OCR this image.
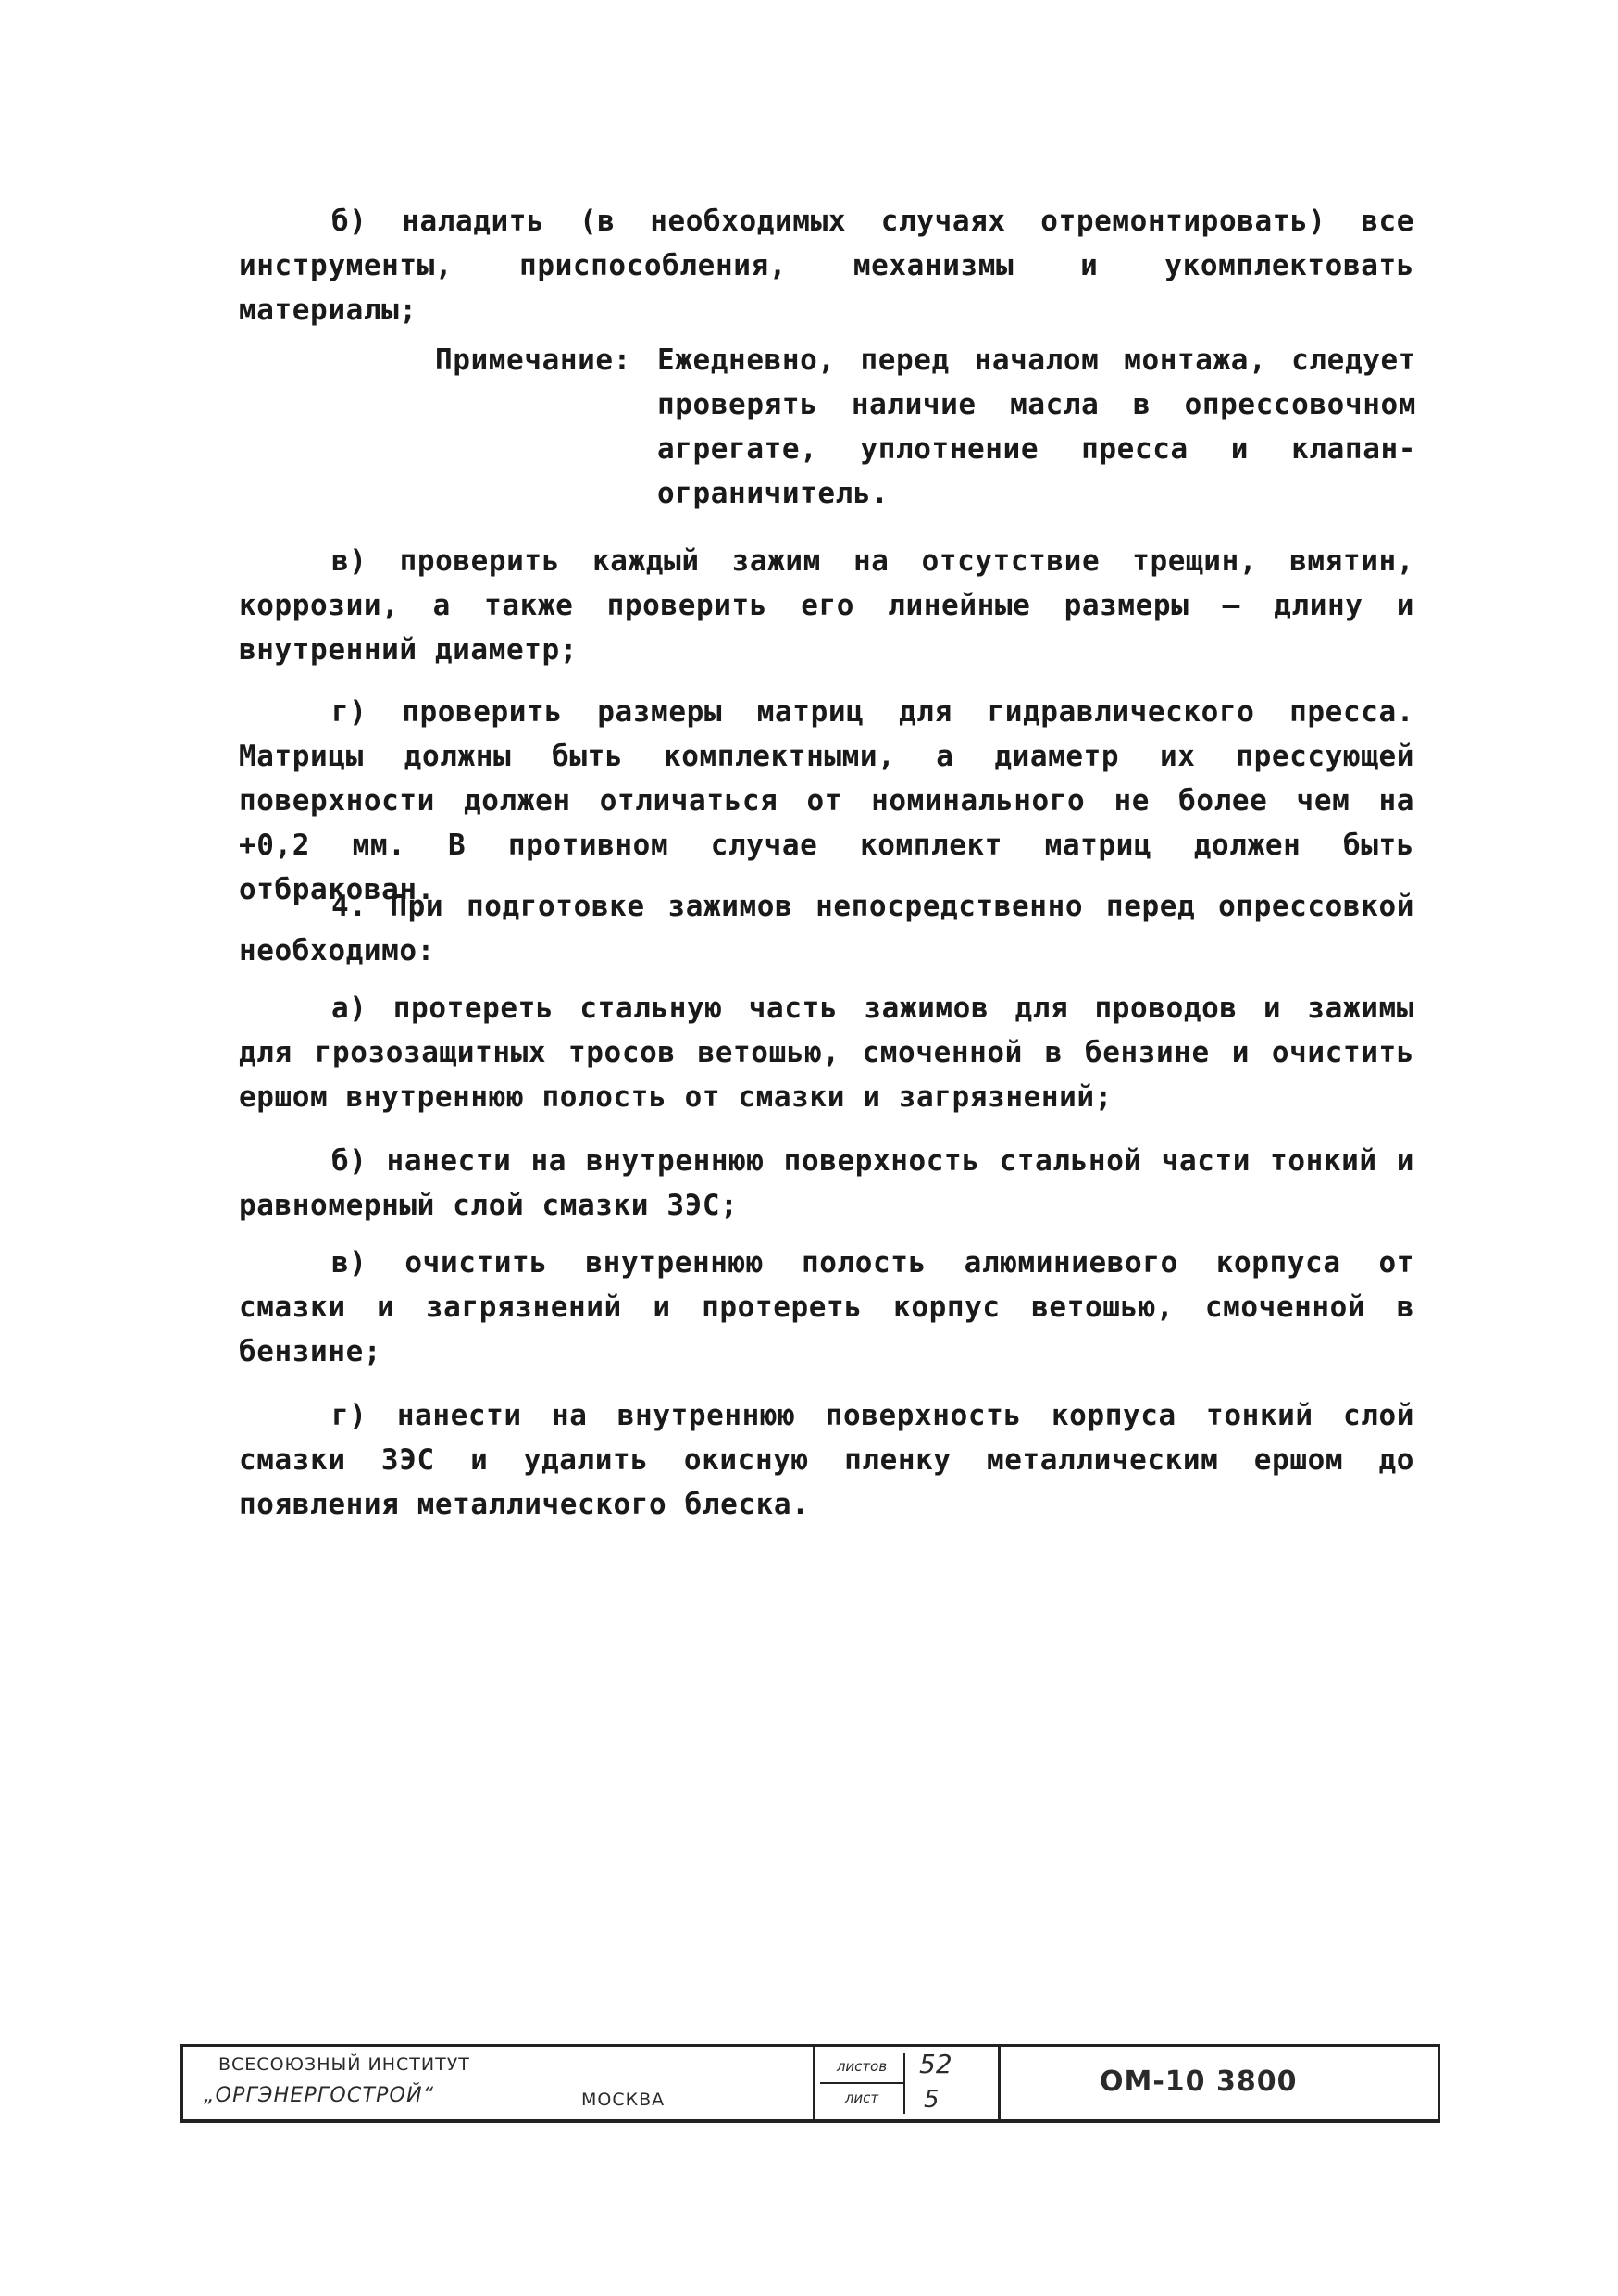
б) наладить (в необходимых случаях отремонтировать) все инструменты, приспособления, механизмы и укомплектовать материалы;
Примечание: Ежедневно, перед началом монтажа, следует проверять наличие масла в опрессовочном агрегате, уплотнение пресса и клапан-ограничитель.
в) проверить каждый зажим на отсутствие трещин, вмятин, коррозии, а также проверить его линейные размеры – длину и внутренний диаметр;
г) проверить размеры матриц для гидравлического пресса. Матрицы должны быть комплектными, а диаметр их прессующей поверхности должен отличаться от номинального не более чем на +0,2 мм. В противном случае комплект матриц должен быть отбракован.
4. При подготовке зажимов непосредственно перед опрессовкой необходимо:
а) протереть стальную часть зажимов для проводов и зажимы для грозозащитных тросов ветошью, смоченной в бензине и очистить ершом внутреннюю полость от смазки и загрязнений;
б) нанести на внутреннюю поверхность стальной части тонкий и равномерный слой смазки ЗЭС;
в) очистить внутреннюю полость алюминиевого корпуса от смазки и загрязнений и протереть корпус ветошью, смоченной в бензине;
г) нанести на внутреннюю поверхность корпуса тонкий слой смазки ЗЭС и удалить окисную пленку металлическим ершом до появления металлического блеска.
ВСЕСОЮЗНЫЙ ИНСТИТУТ
„ОРГЭНЕРГОСТРОЙ“	МОСКВА
листов	52
лист	5
ОМ-10 3800
